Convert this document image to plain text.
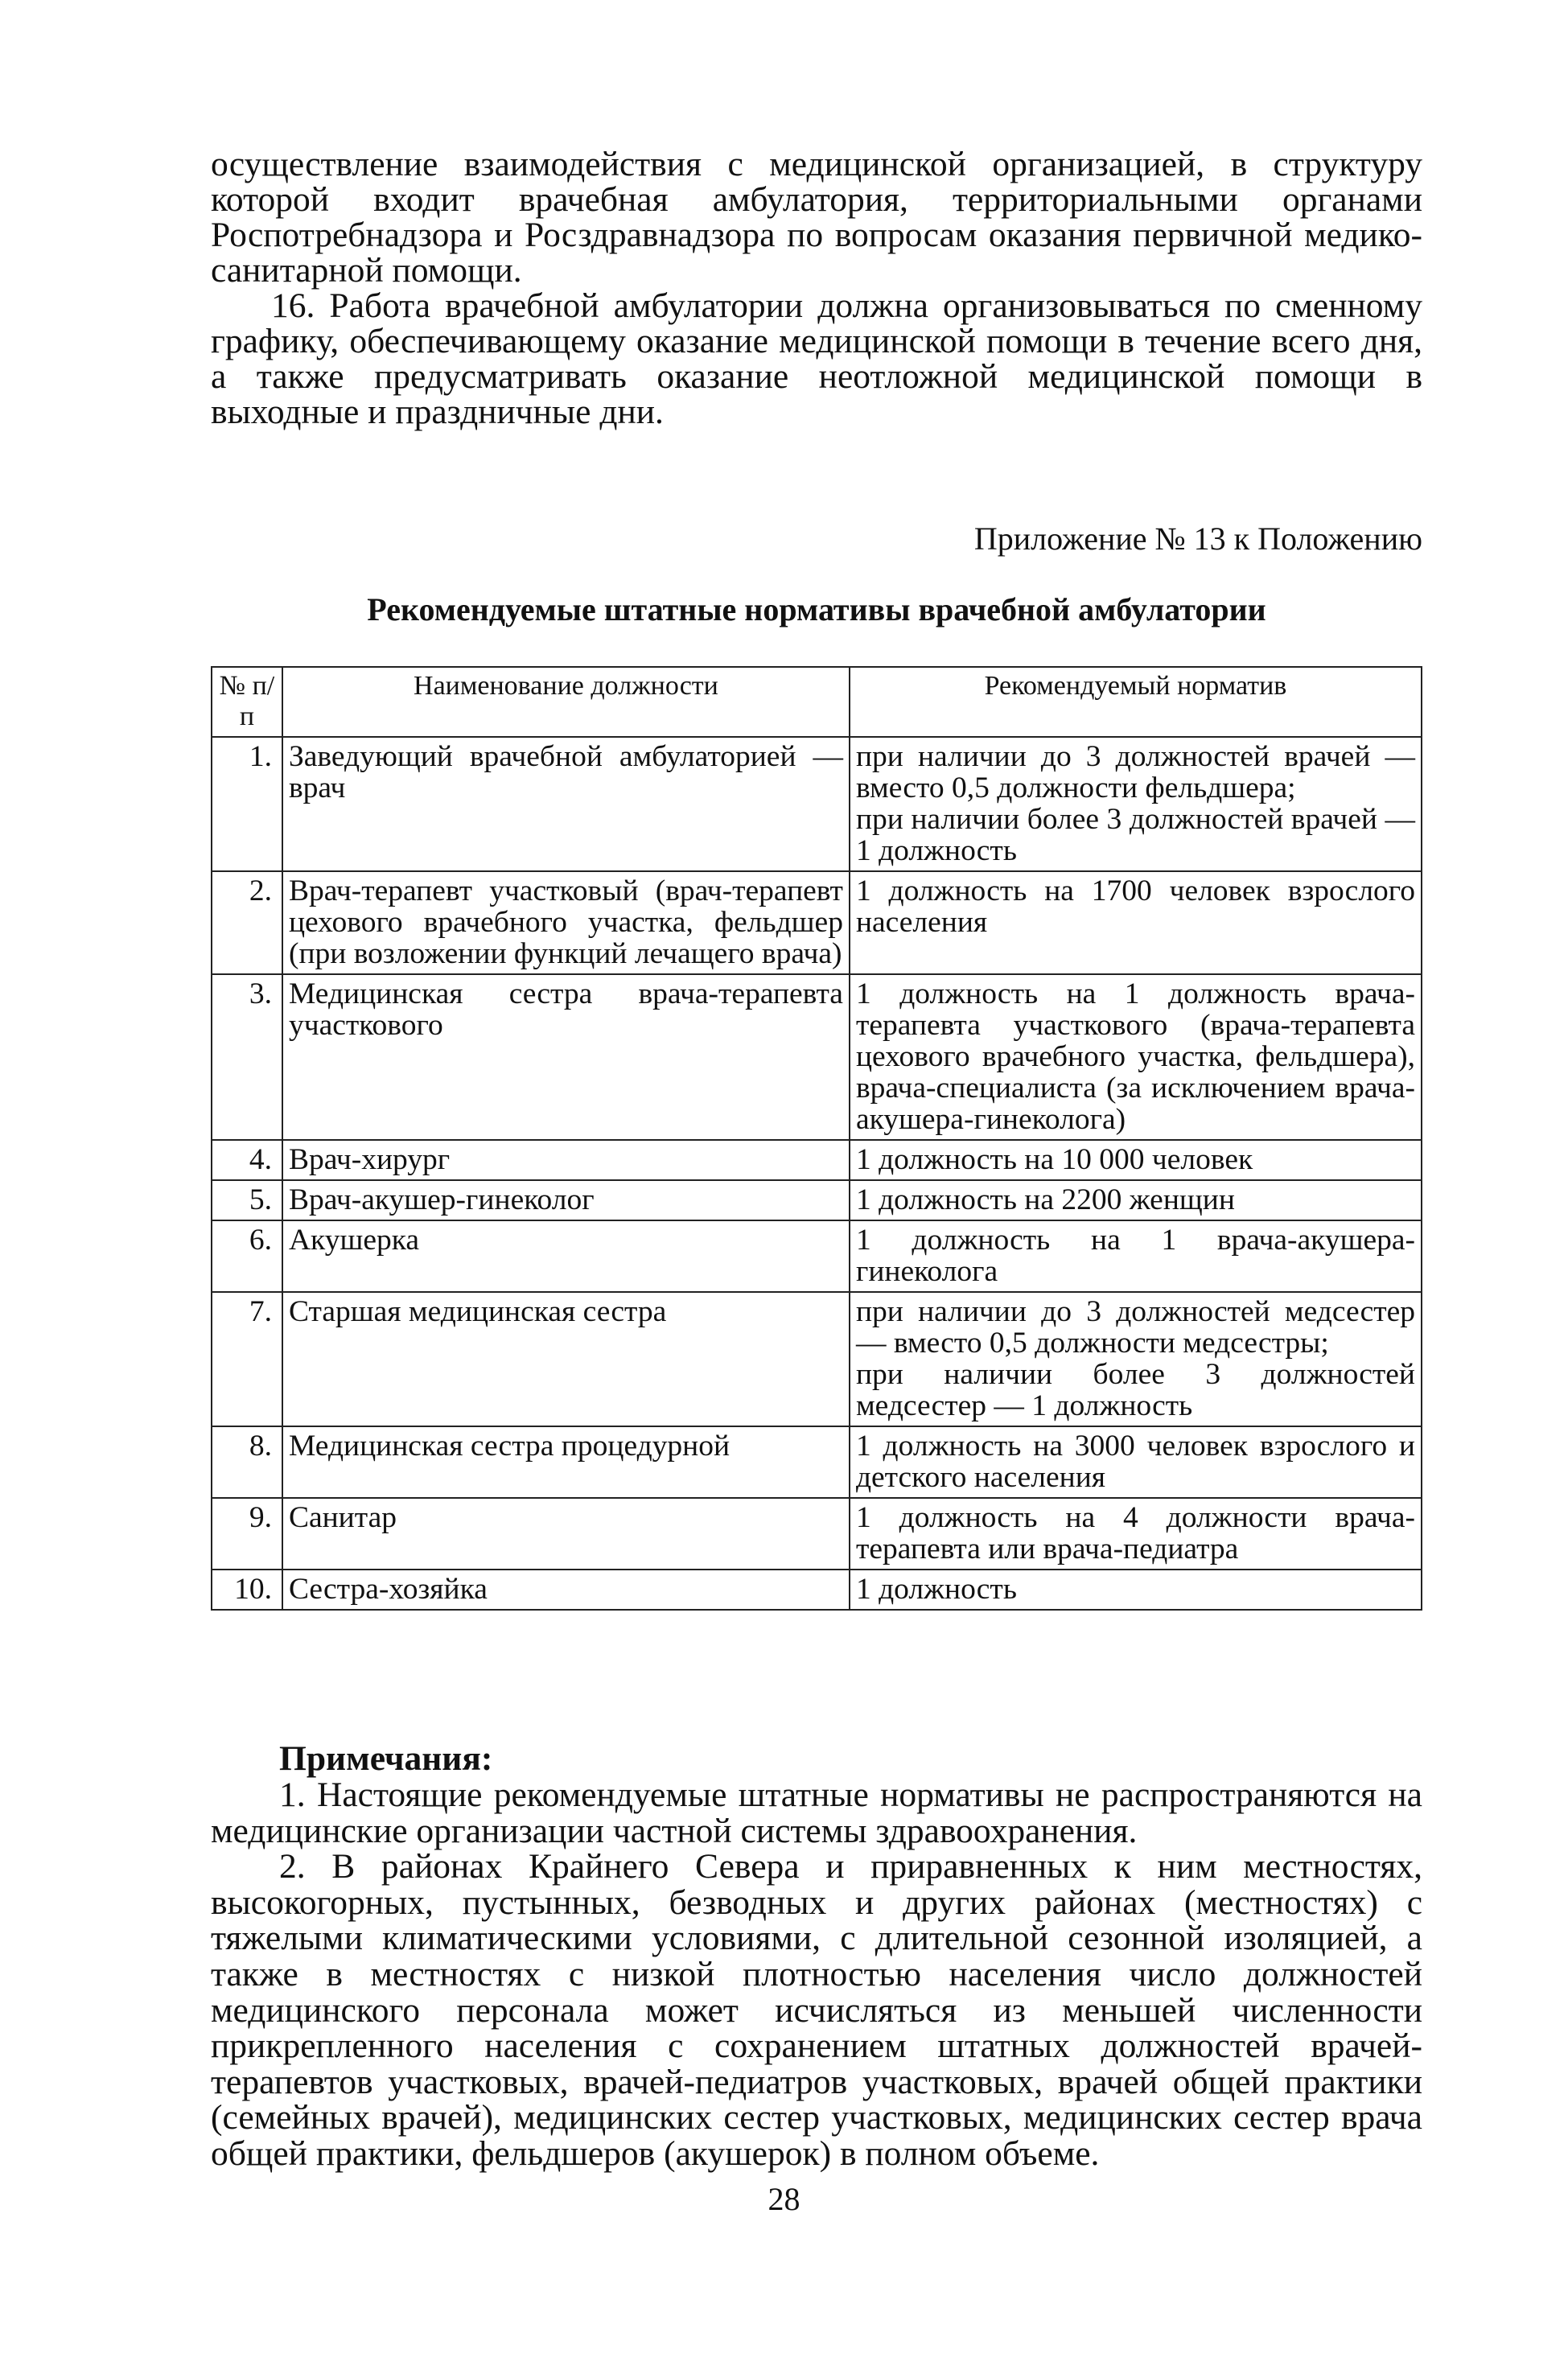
осуществление взаимодействия с медицинской организацией, в структуру которой входит врачебная амбулатория, территориальными органами Роспотребнадзора и Росздравнадзора по вопросам оказания первичной медико-санитарной помощи.

16. Работа врачебной амбулатории должна организовываться по сменному графику, обеспечивающему оказание медицинской помощи в течение всего дня, а также предусматривать оказание неотложной медицинской помощи в выходные и праздничные дни.

Приложение № 13 к Положению
Рекомендуемые штатные нормативы врачебной амбулатории
№ п/п	Наименование должности	Рекомендуемый норматив
1.	Заведующий врачебной амбулаторией — врач	при наличии до 3 должностей врачей — вместо 0,5 должности фельдшера;
при наличии более 3 должностей врачей — 1 должность

2.	Врач-терапевт участковый (врач-терапевт цехового врачебного участка, фельдшер (при возложении функций лечащего врача)	1 должность на 1700 человек взрослого населения
3.	Медицинская сестра врача-терапевта участкового	1 должность на 1 должность врача-терапевта участкового (врача-терапевта цехового врачебного участка, фельдшера), врача-специалиста (за исключением врача-акушера-гинеколога)
4.	Врач-хирург	1 должность на 10 000 человек
5.	Врач-акушер-гинеколог	1 должность на 2200 женщин
6.	Акушерка	1 должность на 1 врача-акушера-гинеколога
7.	Старшая медицинская сестра	при наличии до 3 должностей медсестер — вместо 0,5 должности медсестры;
при наличии более 3 должностей медсестер — 1 должность

8.	Медицинская сестра процедурной	1 должность на 3000 человек взрослого и детского населения
9.	Санитар	1 должность на 4 должности врача-терапевта или врача-педиатра
10.	Сестра-хозяйка	1 должность
Примечания:

1. Настоящие рекомендуемые штатные нормативы не распространяются на медицинские организации частной системы здравоохранения.

2. В районах Крайнего Севера и приравненных к ним местностях, высокогорных, пустынных, безводных и других районах (местностях) с тяжелыми климатическими условиями, с длительной сезонной изоляцией, а также в местностях с низкой плотностью населения число должностей медицинского персонала может исчисляться из меньшей численности прикрепленного населения с сохранением штатных должностей врачей-терапевтов участковых, врачей-педиатров участковых, врачей общей практики (семейных врачей), медицинских сестер участковых, медицинских сестер врача общей практики, фельдшеров (акушерок) в полном объеме.

28
